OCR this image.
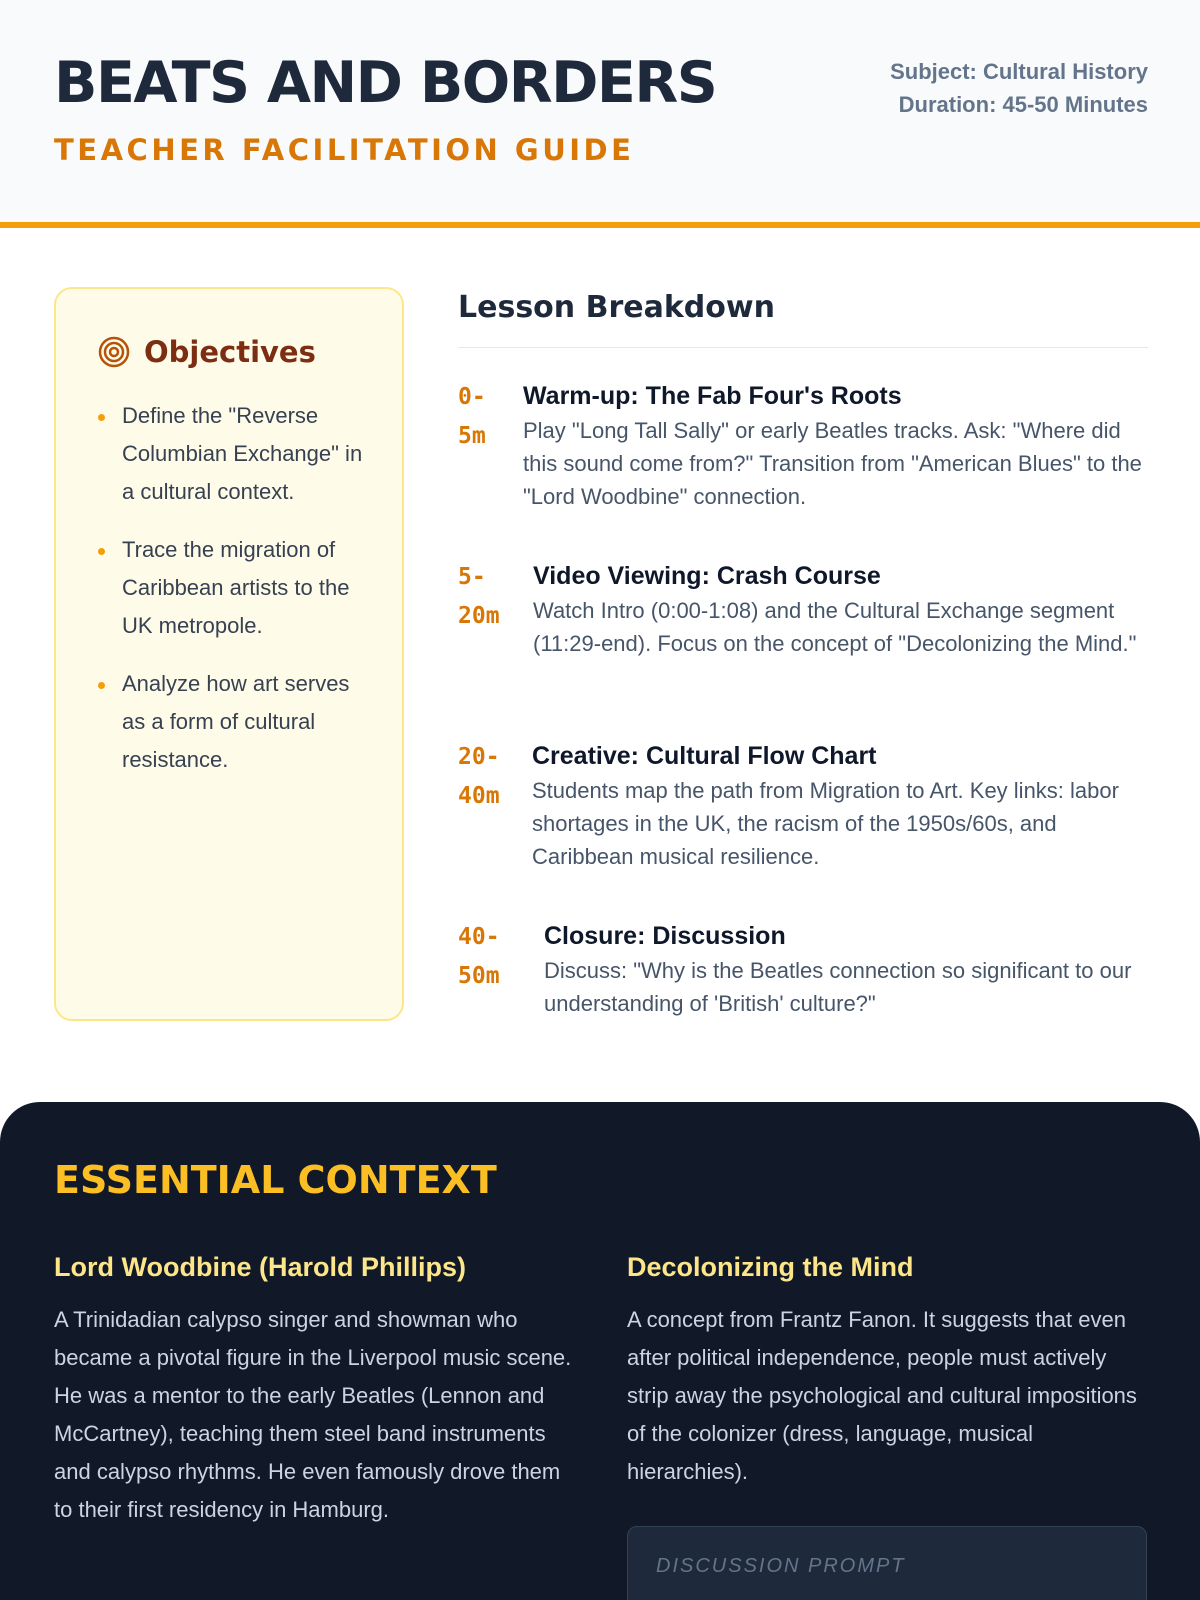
BEATS AND BORDERS
TEACHER FACILITATION GUIDE
Subject: Cultural History
Duration: 45-50 Minutes
Objectives
Define the "Reverse Columbian Exchange" in a cultural context.
Trace the migration of Caribbean artists to the UK metropole.
Analyze how art serves as a form of cultural resistance.
Lesson Breakdown
0-
5m
Warm-up: The Fab Four's Roots
Play "Long Tall Sally" or early Beatles tracks. Ask: "Where did this sound come from?" Transition from "American Blues" to the "Lord Woodbine" connection.
5-
20m
Video Viewing: Crash Course
Watch Intro (0:00-1:08) and the Cultural Exchange segment (11:29-end). Focus on the concept of "Decolonizing the Mind."
20-
40m
Creative: Cultural Flow Chart
Students map the path from Migration to Art. Key links: labor shortages in the UK, the racism of the 1950s/60s, and Caribbean musical resilience.
40-
50m
Closure: Discussion
Discuss: "Why is the Beatles connection so significant to our understanding of 'British' culture?"
ESSENTIAL CONTEXT
Lord Woodbine (Harold Phillips)
A Trinidadian calypso singer and showman who became a pivotal figure in the Liverpool music scene. He was a mentor to the early Beatles (Lennon and McCartney), teaching them steel band instruments and calypso rhythms. He even famously drove them to their first residency in Hamburg.
Decolonizing the Mind
A concept from Frantz Fanon. It suggests that even after political independence, people must actively strip away the psychological and cultural impositions of the colonizer (dress, language, musical hierarchies).
DISCUSSION PROMPT
